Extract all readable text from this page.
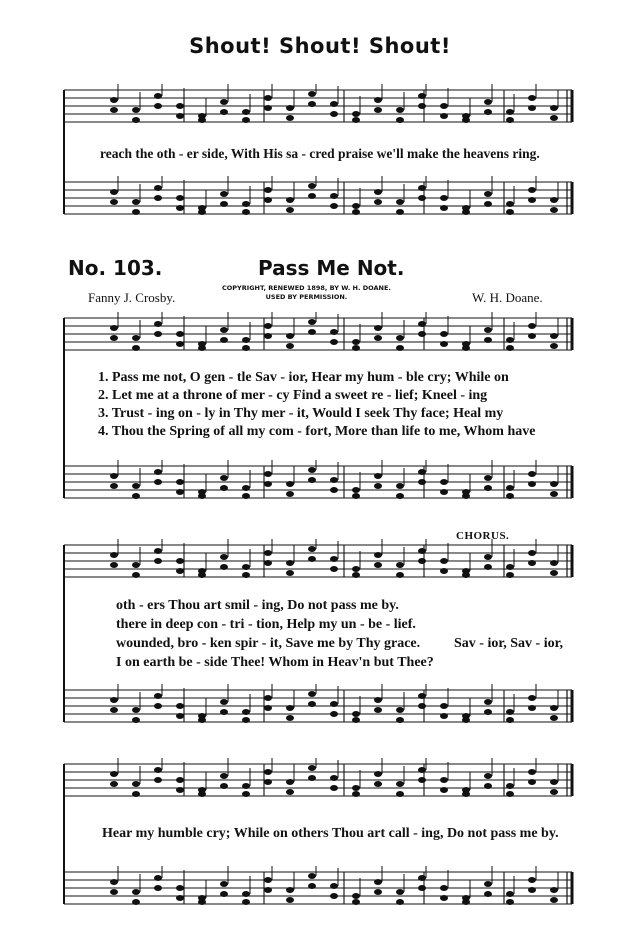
Shout! Shout! Shout!
reach the oth - er side, With His sa - cred praise we'll make the heavens ring.
No. 103.	Pass Me Not.
Fanny J. Crosby.
COPYRIGHT, RENEWED 1898, BY W. H. DOANE.
USED BY PERMISSION.	W. H. Doane.
1. Pass me not, O gen - tle Sav - ior, Hear my hum - ble cry; While on
2. Let me at a throne of mer - cy Find a sweet re - lief; Kneel - ing
3. Trust - ing on - ly in Thy mer - it, Would I seek Thy face; Heal my
4. Thou the Spring of all my com - fort, More than life to me, Whom have
CHORUS.
oth - ers Thou art smil - ing, Do not pass me by.
there in deep con - tri - tion, Help my un - be - lief.
wounded, bro - ken spir - it, Save me by Thy grace.
I on earth be - side Thee! Whom in Heav'n but Thee?
Sav - ior, Sav - ior,
Hear my humble cry; While on others Thou art call - ing, Do not pass me by.
